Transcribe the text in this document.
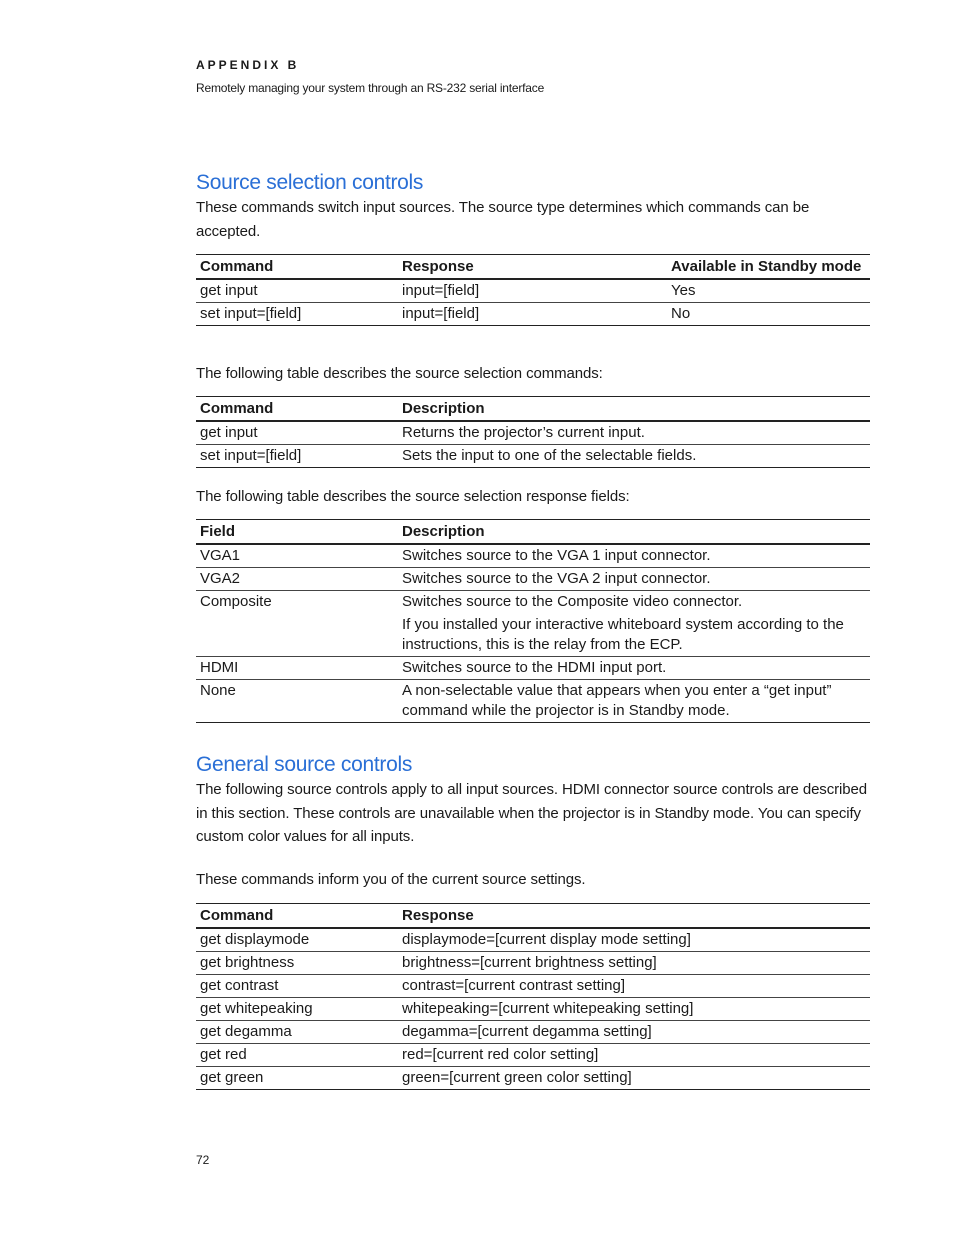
APPENDIX B
Remotely managing your system through an RS-232 serial interface
Source selection controls

These commands switch input sources. The source type determines which commands can be accepted.

Command	Response	Available in Standby mode
get input	input=[field]	Yes
set input=[field]	input=[field]	No

The following table describes the source selection commands:

Command	Description
get input	Returns the projector’s current input.
set input=[field]	Sets the input to one of the selectable fields.

The following table describes the source selection response fields:

Field	Description
VGA1	Switches source to the VGA 1 input connector.
VGA2	Switches source to the VGA 2 input connector.
Composite	Switches source to the Composite video connector.

If you installed your interactive whiteboard system according to the instructions, this is the relay from the ECP.

HDMI	Switches source to the HDMI input port.
None	A non-selectable value that appears when you enter a “get input” command while the projector is in Standby mode.
General source controls

The following source controls apply to all input sources. HDMI connector source controls are described in this section. These controls are unavailable when the projector is in Standby mode. You can specify custom color values for all inputs.

These commands inform you of the current source settings.

Command	Response
get displaymode	displaymode=[current display mode setting]
get brightness	brightness=[current brightness setting]
get contrast	contrast=[current contrast setting]
get whitepeaking	whitepeaking=[current whitepeaking setting]
get degamma	degamma=[current degamma setting]
get red	red=[current red color setting]
get green	green=[current green color setting]
72
